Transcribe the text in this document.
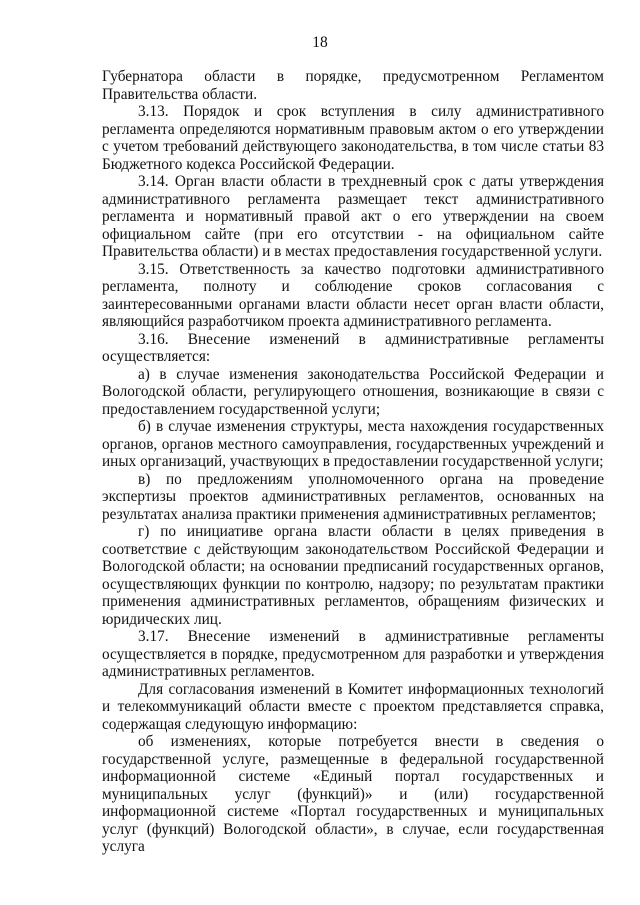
18

Губернатора области в порядке, предусмотренном Регламентом Правительства области.

3.13. Порядок и срок вступления в силу административного регламента определяются нормативным правовым актом о его утверждении с учетом требований действующего законодательства, в том числе статьи 83 Бюджетного кодекса Российской Федерации.

3.14. Орган власти области в трехдневный срок с даты утверждения административного регламента размещает текст административного регламента и нормативный правой акт о его утверждении на своем официальном сайте (при его отсутствии - на официальном сайте Правительства области) и в местах предоставления государственной услуги.

3.15. Ответственность за качество подготовки административного регламента, полноту и соблюдение сроков согласования с заинтересованными органами власти области несет орган власти области, являющийся разработчиком проекта административного регламента.

3.16. Внесение изменений в административные регламенты осуществляется:

а) в случае изменения законодательства Российской Федерации и Вологодской области, регулирующего отношения, возникающие в связи с предоставлением государственной услуги;

б) в случае изменения структуры, места нахождения государственных органов, органов местного самоуправления, государственных учреждений и иных организаций, участвующих в предоставлении государственной услуги;

в) по предложениям уполномоченного органа на проведение экспертизы проектов административных регламентов, основанных на результатах анализа практики применения административных регламентов;

г) по инициативе органа власти области в целях приведения в соответствие с действующим законодательством Российской Федерации и Вологодской области; на основании предписаний государственных органов, осуществляющих функции по контролю, надзору; по результатам практики применения административных регламентов, обращениям физических и юридических лиц.

3.17. Внесение изменений в административные регламенты осуществляется в порядке, предусмотренном для разработки и утверждения административных регламентов.

Для согласования изменений в Комитет информационных технологий и телекоммуникаций области вместе с проектом представляется справка, содержащая следующую информацию:

об изменениях, которые потребуется внести в сведения о государственной услуге, размещенные в федеральной государственной информационной системе «Единый портал государственных и муниципальных услуг (функций)» и (или) государственной информационной системе «Портал государственных и муниципальных услуг (функций) Вологодской области», в случае, если государственная услуга
